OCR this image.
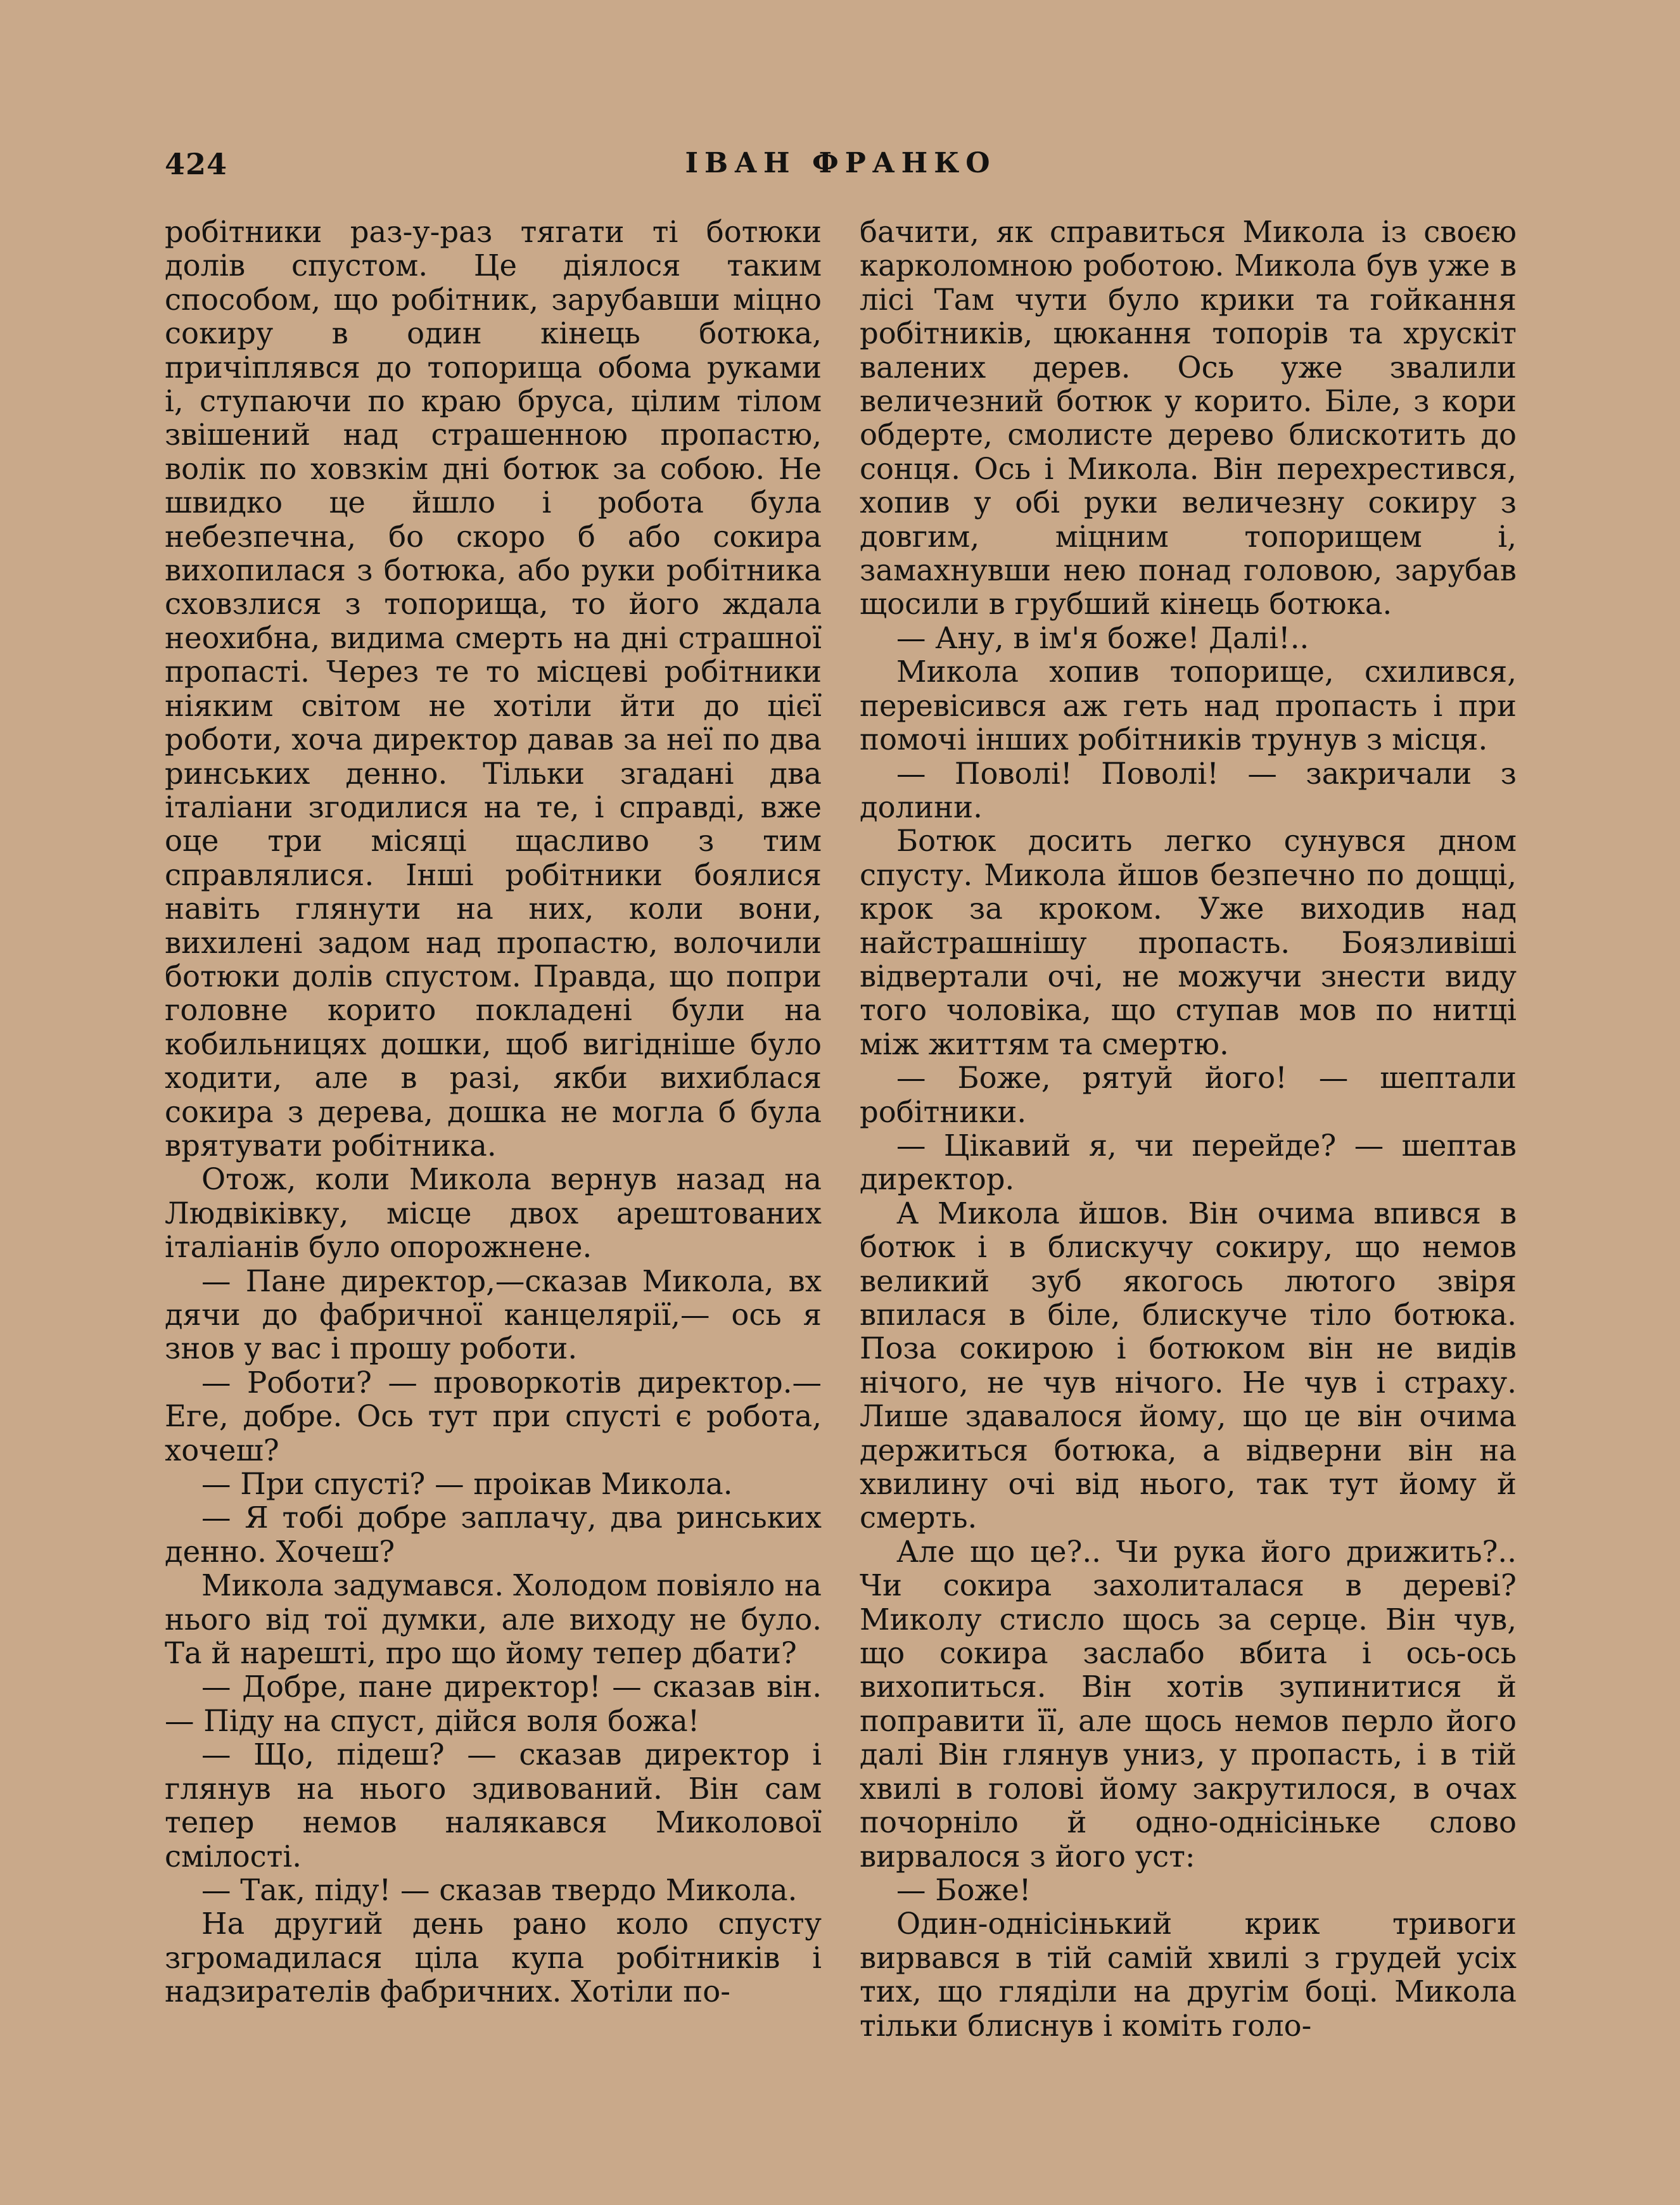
424	ІВАН ФРАНКО

робітники раз-у-раз тягати ті ботюки долів спустом. Це діялося таким способом, що робітник, зарубавши міцно сокиру в один кінець ботюка, причіплявся до топорища обома руками і, ступаючи по краю бруса, цілим тілом звішений над страшенною пропастю, волік по ховзкім дні ботюк за собою. Не швидко це йшло і робота була небезпечна, бо скоро б або сокира вихопилася з ботюка, або руки робітника сховзлися з топорища, то його ждала неохибна, видима смерть на дні страшної пропасті. Через те то місцеві робітники ніяким світом не хотіли йти до цієї роботи, хоча директор давав за неї по два ринських денно. Тільки згадані два італіани згодилися на те, і справді, вже оце три місяці щасливо з тим справлялися. Інші робітники боялися навіть глянути на них, коли вони, вихилені задом над пропастю, волочили ботюки долів спустом. Правда, що попри головне корито покладені були на кобильницях дошки, щоб вигідніше було ходити, але в разі, якби вихиблася сокира з дерева, дошка не могла б була врятувати робітника.

Отож, коли Микола вернув назад на Людвіківку, місце двох арештованих італіанів було опорожнене.

— Пане директор,—сказав Микола, вх дячи до фабричної канцелярії,— ось я знов у вас і прошу роботи.

— Роботи? — проворкотів директор.— Еге, добре. Ось тут при спусті є робота, хочеш?

— При спусті? — проікав Микола.

— Я тобі добре заплачу, два ринських денно. Хочеш?

Микола задумався. Холодом повіяло на нього від тої думки, але виходу не було. Та й нарешті, про що йому тепер дбати?

— Добре, пане директор! — сказав він.— Піду на спуст, дійся воля божа!

— Що, підеш? — сказав директор і глянув на нього здивований. Він сам тепер немов налякався Миколової смілості.

— Так, піду! — сказав твердо Микола.

На другий день рано коло спусту згромадилася ціла купа робітників і надзирателів фабричних. Хотіли по-

бачити, як справиться Микола із своєю карколомною роботою. Микола був уже в лісі Там чути було крики та гойкання робітників, цюкання топорів та хрускіт валених дерев. Ось уже звалили величезний ботюк у корито. Біле, з кори обдерте, смолисте дерево блискотить до сонця. Ось і Микола. Він перехрестився, хопив у обі руки величезну сокиру з довгим, міцним топорищем і, замахнувши нею понад головою, зарубав щосили в грубший кінець ботюка.

— Ану, в ім'я боже! Далі!..

Микола хопив топорище, схилився, перевісився аж геть над пропасть і при помочі інших робітників трунув з місця.

— Поволі! Поволі! — закричали з долини.

Ботюк досить легко сунувся дном спусту. Микола йшов безпечно по дощці, крок за кроком. Уже виходив над найстрашнішу пропасть. Боязливіші відвертали очі, не можучи знести виду того чоловіка, що ступав мов по нитці між життям та смертю.

— Боже, рятуй його! — шептали робітники.

— Цікавий я, чи перейде? — шептав директор.

А Микола йшов. Він очима впився в ботюк і в блискучу сокиру, що немов великий зуб якогось лютого звіря впилася в біле, блискуче тіло ботюка. Поза сокирою і ботюком він не видів нічого, не чув нічого. Не чув і страху. Лише здавалося йому, що це він очима держиться ботюка, а відверни він на хвилину очі від нього, так тут йому й смерть.

Але що це?.. Чи рука його дрижить?.. Чи сокира захолиталася в дереві? Миколу стисло щось за серце. Він чув, що сокира заслабо вбита і ось-ось вихопиться. Він хотів зупинитися й поправити її, але щось немов перло його далі Він глянув униз, у пропасть, і в тій хвилі в голові йому закрутилося, в очах почорніло й одно-однісіньке слово вирвалося з його уст:

— Боже!

Один-однісінький крик тривоги вирвався в тій самій хвилі з грудей усіх тих, що гляділи на другім боці. Микола тільки блиснув і коміть голо-
